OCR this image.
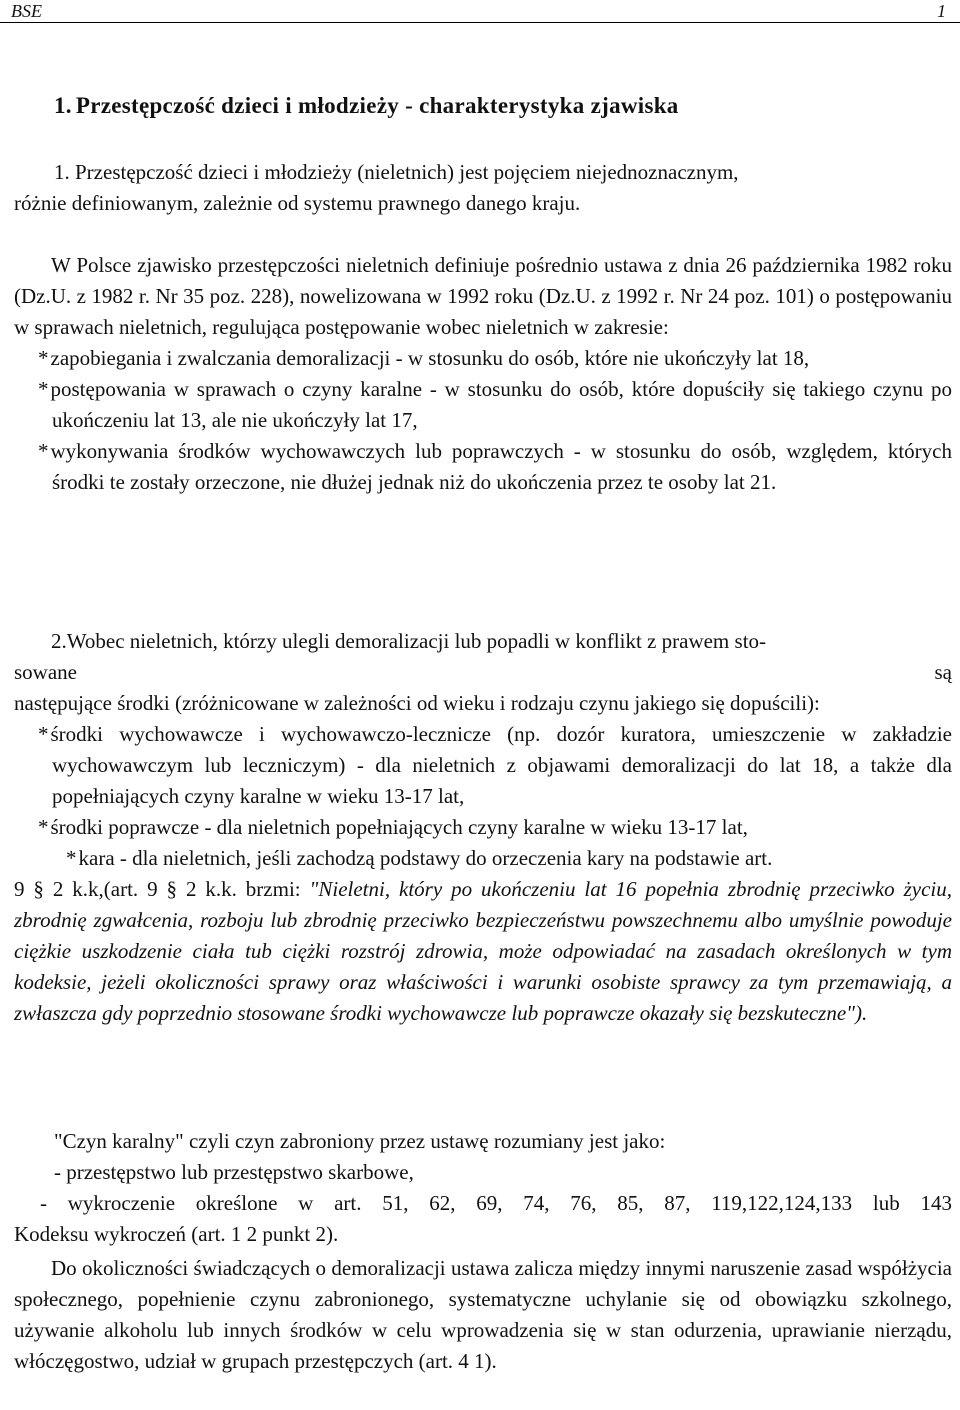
BSE	1
1. Przestępczość dzieci i młodzieży - charakterystyka zjawiska

1. Przestępczość dzieci i młodzieży (nieletnich) jest pojęciem niejednoznacznym,

różnie definiowanym, zależnie od systemu prawnego danego kraju.

W Polsce zjawisko przestępczości nieletnich definiuje pośrednio ustawa z dnia 26 października 1982 roku (Dz.U. z 1982 r. Nr 35 poz. 228), nowelizowana w 1992 roku (Dz.U. z 1992 r. Nr 24 poz. 101) o postępowaniu w sprawach nieletnich, regulująca postępowanie wobec nieletnich w zakresie:

*zapobiegania i zwalczania demoralizacji - w stosunku do osób, które nie ukończyły lat 18,

*postępowania w sprawach o czyny karalne - w stosunku do osób, które dopuściły się takiego czynu po ukończeniu lat 13, ale nie ukończyły lat 17,

*wykonywania środków wychowawczych lub poprawczych - w stosunku do osób, względem, których środki te zostały orzeczone, nie dłużej jednak niż do ukończenia przez te osoby lat 21.

2.Wobec nieletnich, którzy ulegli demoralizacji lub popadli w konflikt z prawem sto-

sowane	są

następujące środki (zróżnicowane w zależności od wieku i rodzaju czynu jakiego się dopuścili):

*środki wychowawcze i wychowawczo-lecznicze (np. dozór kuratora, umieszczenie w zakładzie wychowawczym lub leczniczym) - dla nieletnich z objawami demoralizacji do lat 18, a także dla popełniających czyny karalne w wieku 13-17 lat,

*środki poprawcze - dla nieletnich popełniających czyny karalne w wieku 13-17 lat,

*kara - dla nieletnich, jeśli zachodzą podstawy do orzeczenia kary na podstawie art.

9 § 2 k.k,(art. 9 § 2 k.k. brzmi: "Nieletni, który po ukończeniu lat 16 popełnia zbrodnię przeciwko życiu, zbrodnię zgwałcenia, rozboju lub zbrodnię przeciwko bezpieczeństwu powszechnemu albo umyślnie powoduje ciężkie uszkodzenie ciała tub ciężki rozstrój zdrowia, może odpowiadać na zasadach określonych w tym kodeksie, jeżeli okoliczności sprawy oraz właściwości i warunki osobiste sprawcy za tym przemawiają, a zwłaszcza gdy poprzednio stosowane środki wychowawcze lub poprawcze okazały się bezskuteczne").

"Czyn karalny" czyli czyn zabroniony przez ustawę rozumiany jest jako:

- przestępstwo lub przestępstwo skarbowe,

- wykroczenie określone w art. 51, 62, 69, 74, 76, 85, 87, 119,122,124,133 lub 143

Kodeksu wykroczeń (art. 1 2 punkt 2).

Do okoliczności świadczących o demoralizacji ustawa zalicza między innymi naruszenie zasad współżycia społecznego, popełnienie czynu zabronionego, systematyczne uchylanie się od obowiązku szkolnego, używanie alkoholu lub innych środków w celu wprowadzenia się w stan odurzenia, uprawianie nierządu, włóczęgostwo, udział w grupach przestępczych (art. 4 1).
